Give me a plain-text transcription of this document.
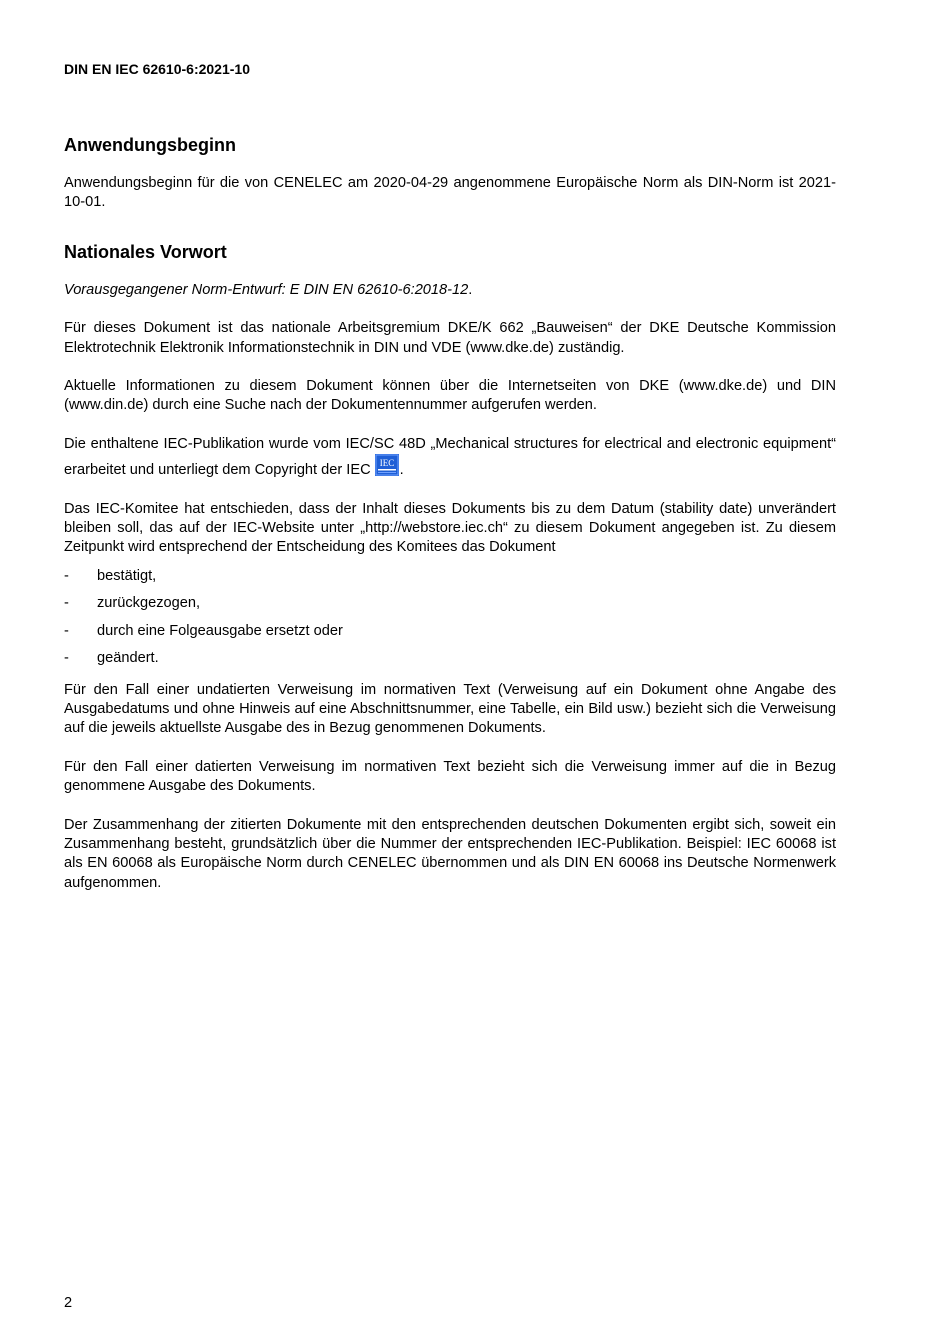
DIN EN IEC 62610-6:2021-10
Anwendungsbeginn

Anwendungsbeginn für die von CENELEC am 2020-04-29 angenommene Europäische Norm als DIN-Norm ist 2021-10-01.

Nationales Vorwort

Vorausgegangener Norm-Entwurf: E DIN EN 62610-6:2018-12.

Für dieses Dokument ist das nationale Arbeitsgremium DKE/K 662 „Bauweisen“ der DKE Deutsche Kommission Elektrotechnik Elektronik Informationstechnik in DIN und VDE (www.dke.de) zuständig.

Aktuelle Informationen zu diesem Dokument können über die Internetseiten von DKE (www.dke.de) und DIN (www.din.de) durch eine Suche nach der Dokumentennummer aufgerufen werden.

Die enthaltene IEC-Publikation wurde vom IEC/SC 48D „Mechanical structures for electrical and electronic equipment“ erarbeitet und unterliegt dem Copyright der IEC IEC .

Das IEC-Komitee hat entschieden, dass der Inhalt dieses Dokuments bis zu dem Datum (stability date) unverändert bleiben soll, das auf der IEC-Website unter „http://webstore.iec.ch“ zu diesem Dokument angegeben ist. Zu diesem Zeitpunkt wird entsprechend der Entscheidung des Komitees das Dokument

- bestätigt,
- zurückgezogen,
- durch eine Folgeausgabe ersetzt oder
- geändert.

Für den Fall einer undatierten Verweisung im normativen Text (Verweisung auf ein Dokument ohne Angabe des Ausgabedatums und ohne Hinweis auf eine Abschnittsnummer, eine Tabelle, ein Bild usw.) bezieht sich die Verweisung auf die jeweils aktuellste Ausgabe des in Bezug genommenen Dokuments.

Für den Fall einer datierten Verweisung im normativen Text bezieht sich die Verweisung immer auf die in Bezug genommene Ausgabe des Dokuments.

Der Zusammenhang der zitierten Dokumente mit den entsprechenden deutschen Dokumenten ergibt sich, soweit ein Zusammenhang besteht, grundsätzlich über die Nummer der entsprechenden IEC-Publikation. Beispiel: IEC 60068 ist als EN 60068 als Europäische Norm durch CENELEC übernommen und als DIN EN 60068 ins Deutsche Normenwerk aufgenommen.

2
